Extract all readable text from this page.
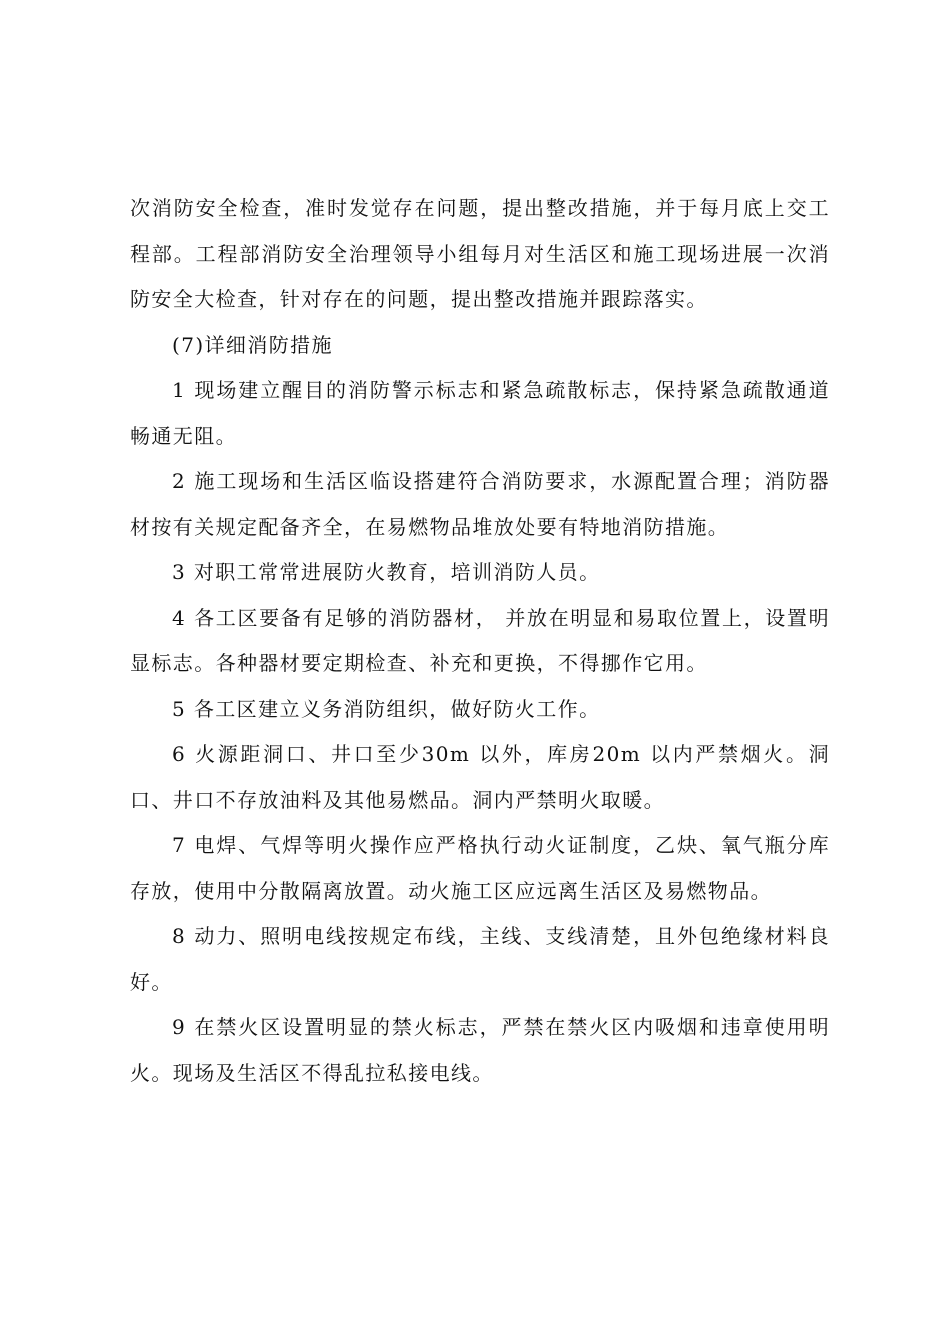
次消防安全检查，准时发觉存在问题，提出整改措施，并于每月底上交工程部。工程部消防安全治理领导小组每月对生活区和施工现场进展一次消防安全大检查，针对存在的问题，提出整改措施并跟踪落实。

(7)详细消防措施

1 现场建立醒目的消防警示标志和紧急疏散标志，保持紧急疏散通道畅通无阻。

2 施工现场和生活区临设搭建符合消防要求，水源配置合理；消防器材按有关规定配备齐全，在易燃物品堆放处要有特地消防措施。

3 对职工常常进展防火教育，培训消防人员。

4 各工区要备有足够的消防器材， 并放在明显和易取位置上，设置明显标志。各种器材要定期检查、补充和更换，不得挪作它用。

5 各工区建立义务消防组织，做好防火工作。

6 火源距洞口、井口至少30m 以外，库房20m 以内严禁烟火。洞口、井口不存放油料及其他易燃品。洞内严禁明火取暖。

7 电焊、气焊等明火操作应严格执行动火证制度，乙炔、氧气瓶分库存放，使用中分散隔离放置。动火施工区应远离生活区及易燃物品。

8 动力、照明电线按规定布线，主线、支线清楚，且外包绝缘材料良好。

9 在禁火区设置明显的禁火标志，严禁在禁火区内吸烟和违章使用明火。现场及生活区不得乱拉私接电线。
